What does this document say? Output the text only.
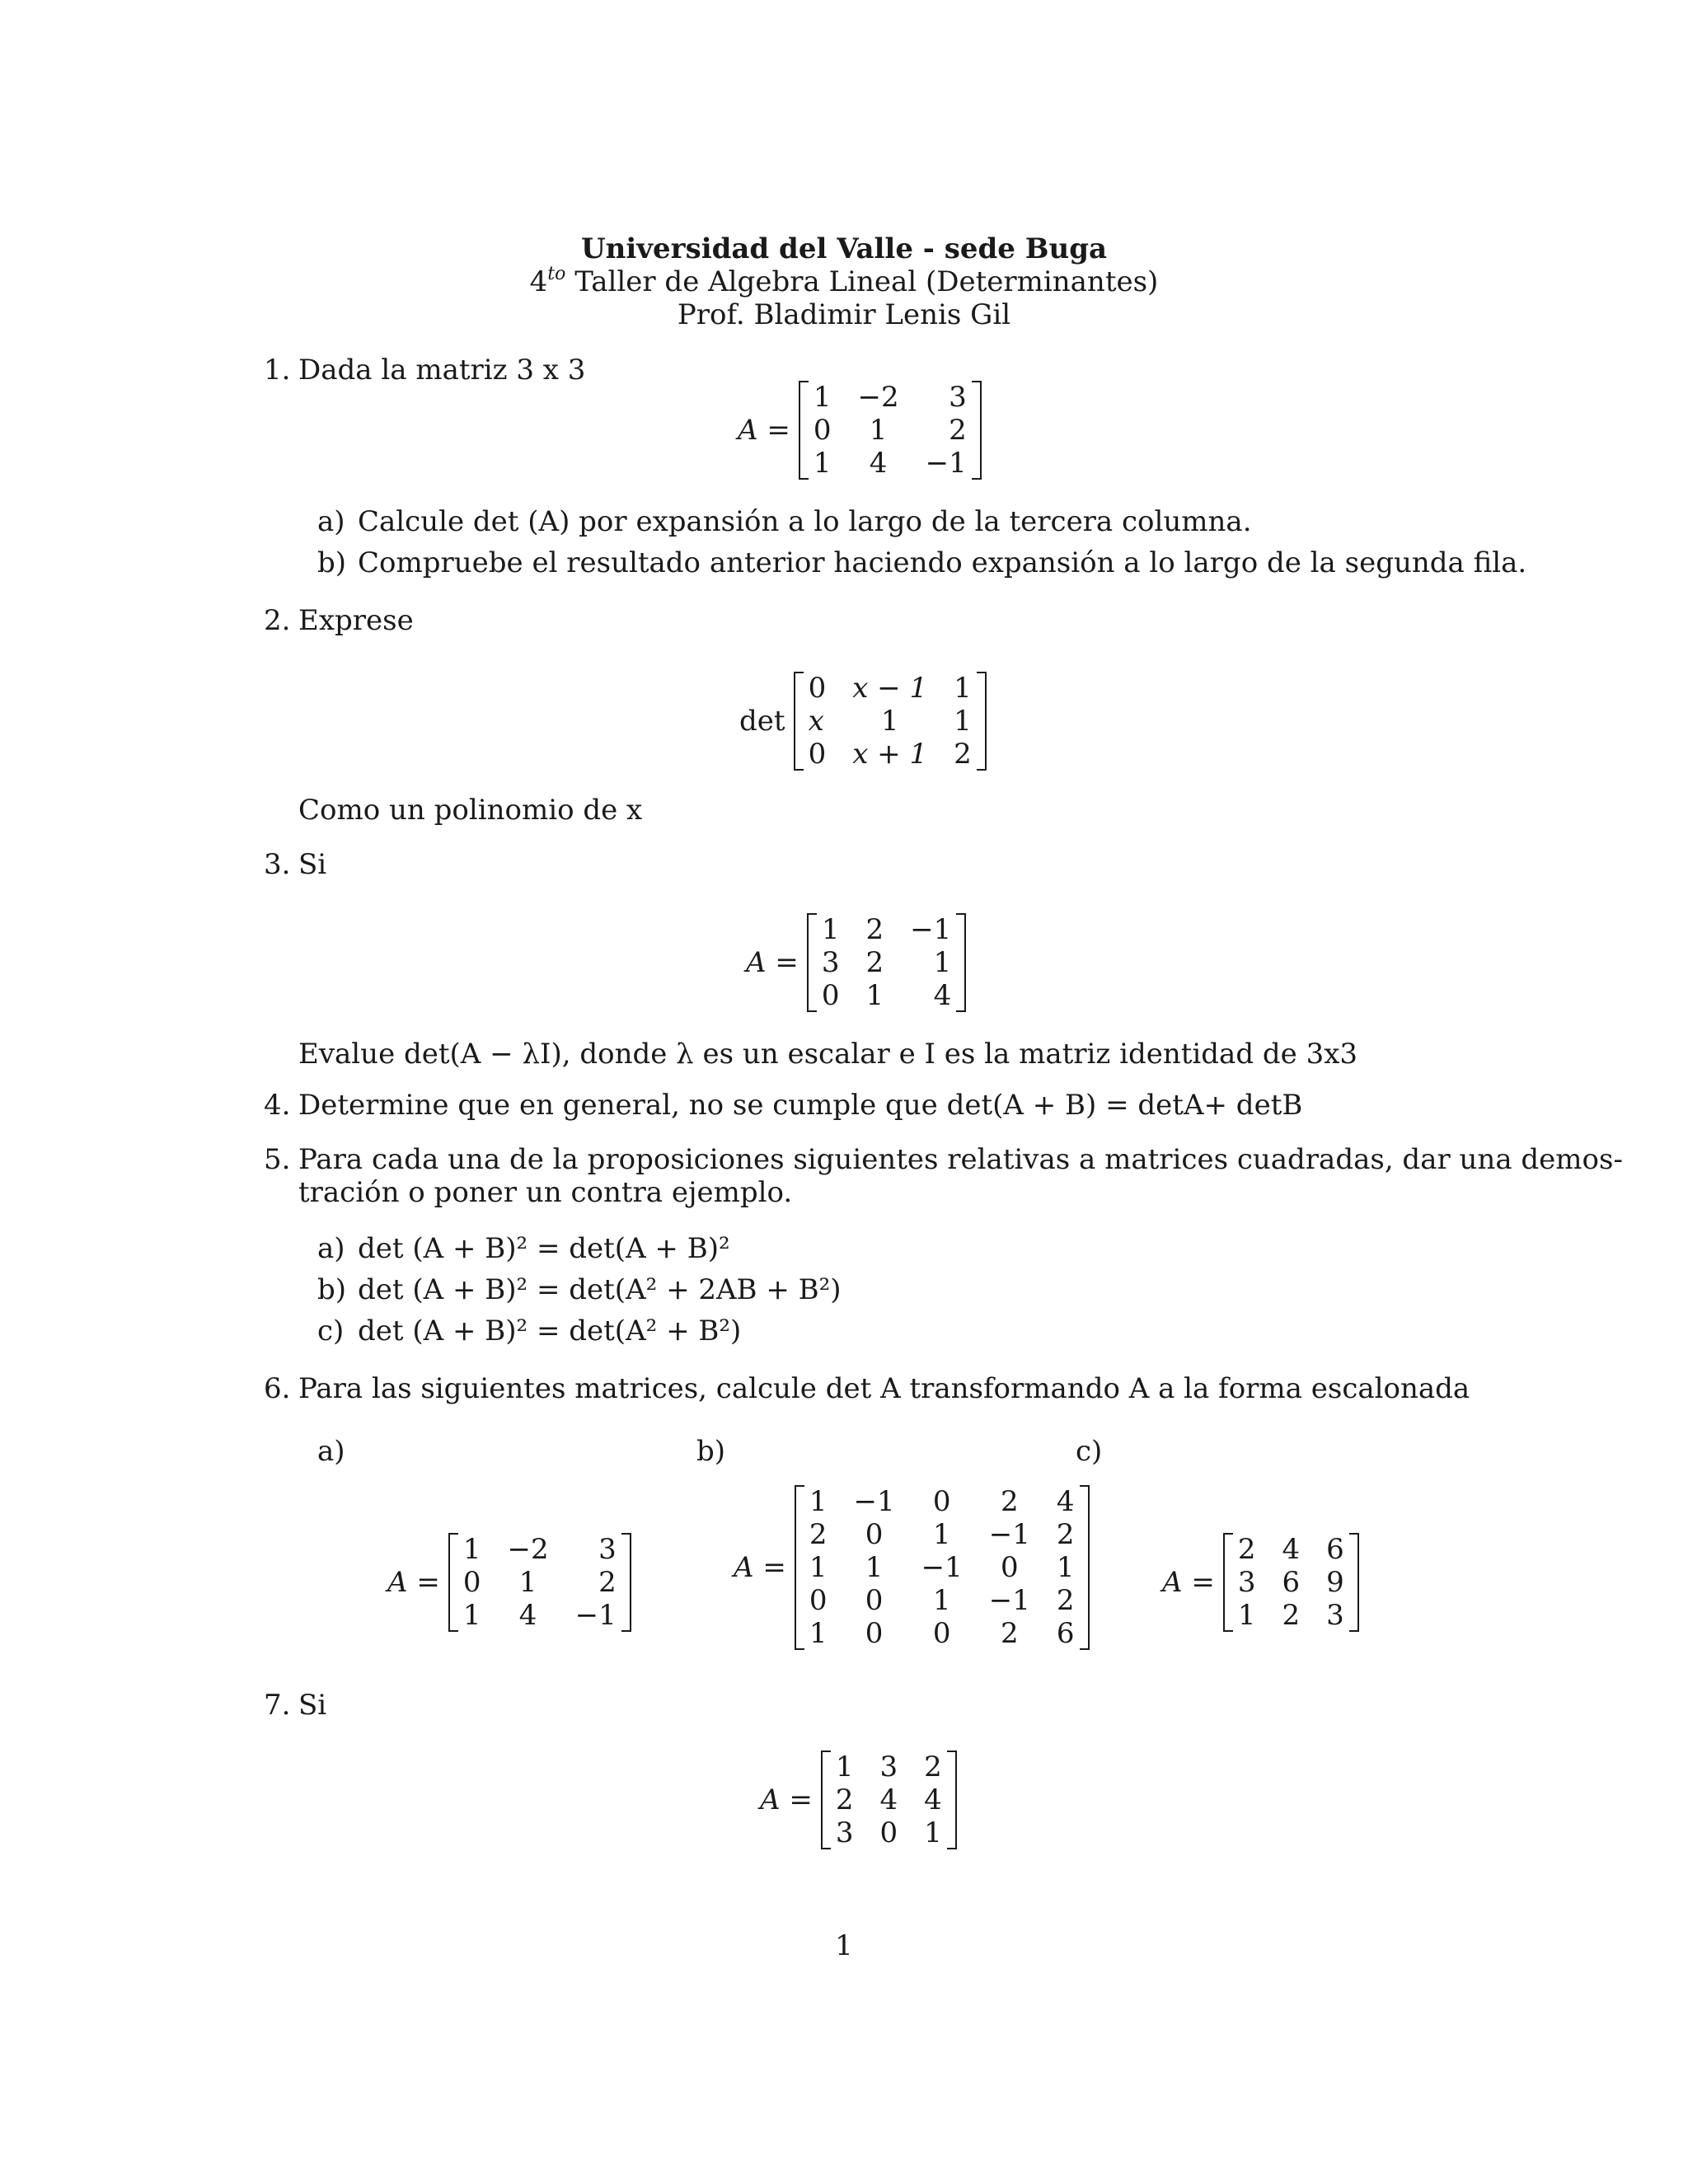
Universidad del Valle - sede Buga
$4^{to}$ Taller de Algebra Lineal (Determinantes)
Prof. Bladimir Lenis Gil
1. Dada la matriz 3 x 3
A =
1	−2	3
0	1	2
1	4	−1
a) Calcule det (A) por expansión a lo largo de la tercera columna.
b) Compruebe el resultado anterior haciendo expansión a lo largo de la segunda fila.
2. Exprese
det
0	x − 1	1
x	1	1
0	x + 1	2
Como un polinomio de x
3. Si
A =
1	2	−1
3	2	1
0	1	4
Evalue det(A − λI), donde λ es un escalar e I es la matriz identidad de 3x3
4. Determine que en general, no se cumple que det(A + B) = detA+ detB
5. Para cada una de la proposiciones siguientes relativas a matrices cuadradas, dar una demos-
tración o poner un contra ejemplo.
a) det (A + B)² = det(A + B)²
b) det (A + B)² = det(A² + 2AB + B²)
c) det (A + B)² = det(A² + B²)
6. Para las siguientes matrices, calcule det A transformando A a la forma escalonada
a)	b)	c)
A =
1	−2	3
0	1	2
1	4	−1
A =
1	−1	0	2	4
2	0	1	−1	2
1	1	−1	0	1
0	0	1	−1	2
1	0	0	2	6
A =
2	4	6
3	6	9
1	2	3
7. Si
A =
1	3	2
2	4	4
3	0	1
1
